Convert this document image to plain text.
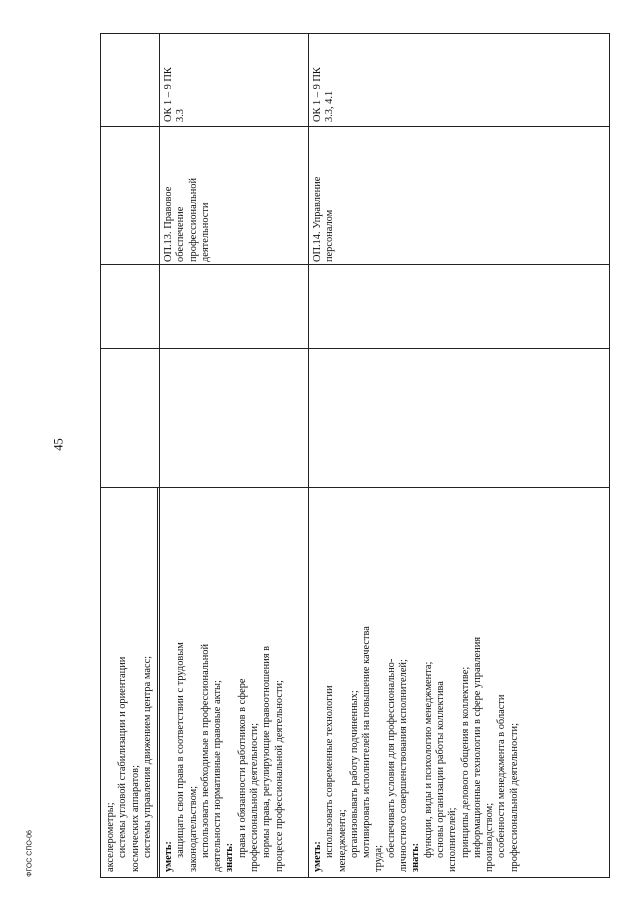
45
ФГОС СПО-06	акселерометры; системы угловой стабилизации и ориентации космических аппаратов; системы управления движением центра масс; уметь: защищать свои права в соответствии с трудовым законодательством; использовать необходимые в профессиональной деятельности нормативные правовые акты; знать: права и обязанности работников в сфере профессиональной деятельности; нормы права, регулирующие правоотношения в процессе профессиональной деятельности;
ОП.13. Правовое обеспечение профессиональной деятельности
ОК 1 – 9 ПК 3.3
уметь: использовать современные технологии менеджмента; организовывать работу подчиненных; мотивировать исполнителей на повышение качества
труда;
обеспечивать условия для профессионально- личностного совершенствования исполнителей; знать: функции, виды и психологию менеджмента; основы организации работы коллектива исполнителей; принципы делового общения в коллективе; информационные технологии в сфере управления производством; особенности менеджмента в области профессиональной деятельности;
ОП.14. Управление персоналом
ОК 1 – 9 ПК 3.3, 4.1
